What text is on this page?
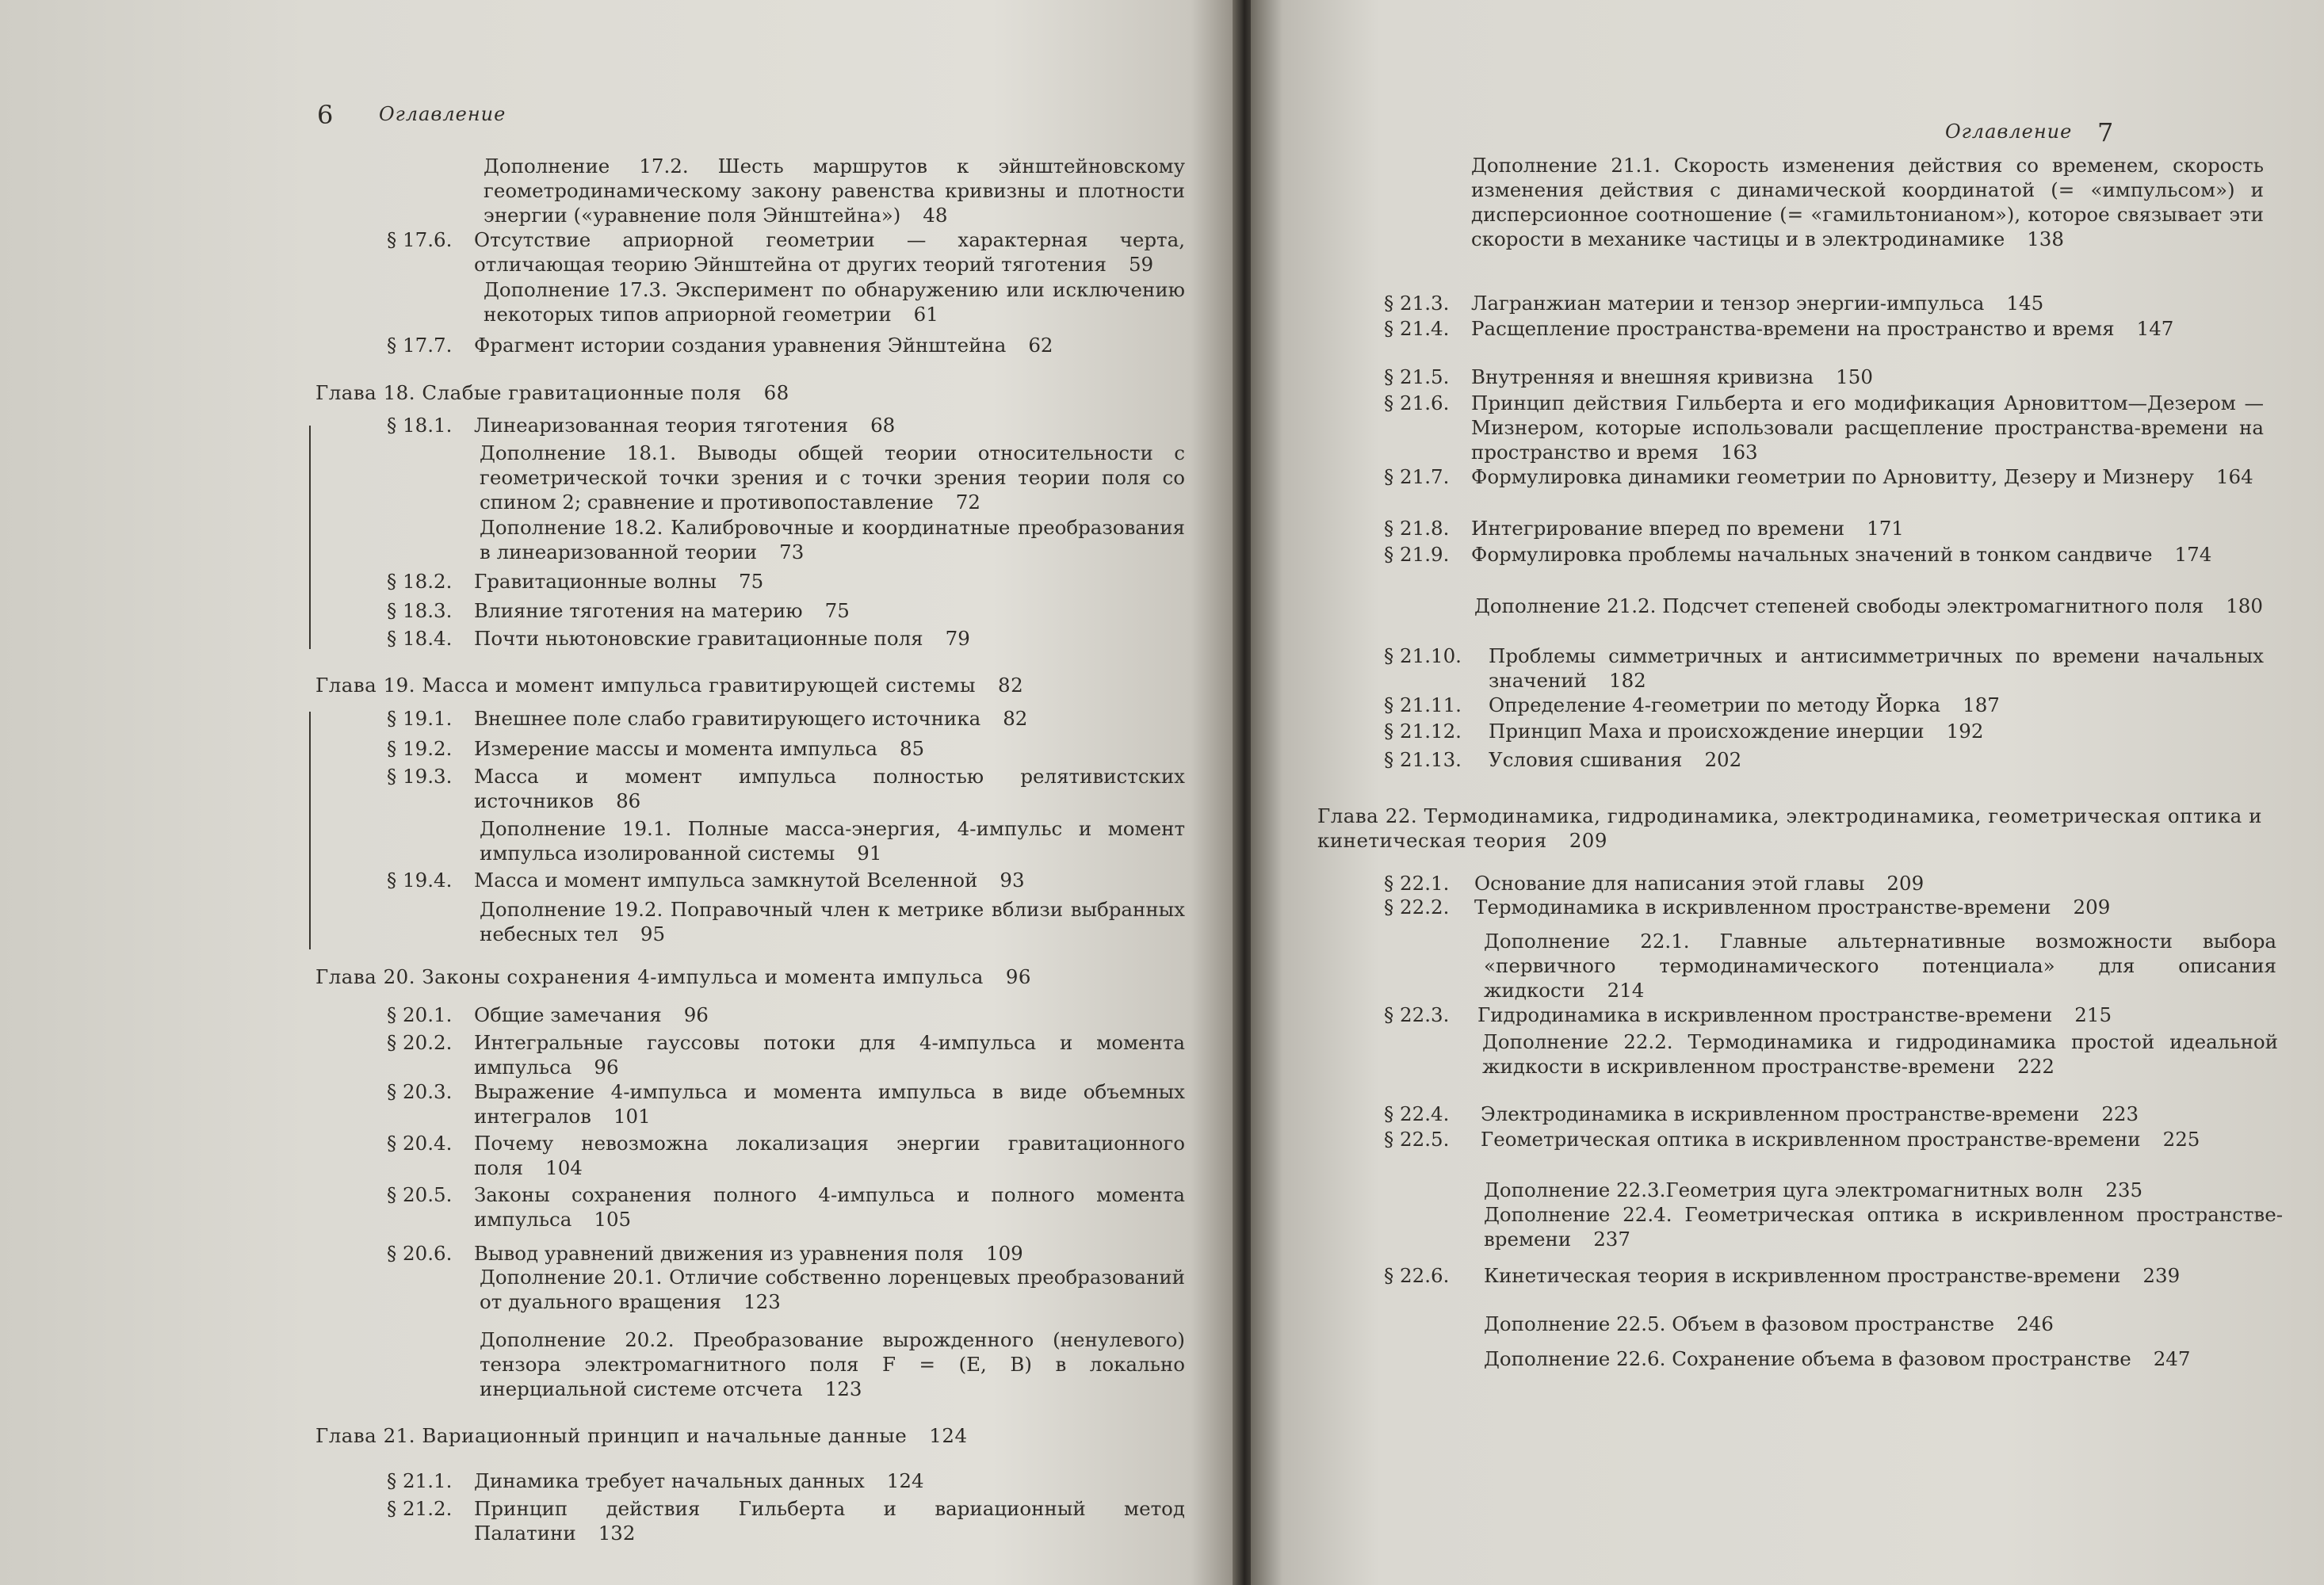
6 Оглавление
Дополнение 17.2. Шесть маршрутов к эйнштейновскому геометродинамическому закону равенства кривизны и плотности энергии («уравнение поля Эйнштейна») 48
§ 17.6. Отсутствие априорной геометрии — характерная черта, отличающая теорию Эйнштейна от других теорий тяготения 59
Дополнение 17.3. Эксперимент по обнаружению или исключению некоторых типов априорной геометрии 61
§ 17.7. Фрагмент истории создания уравнения Эйнштейна 62
Глава 18. Слабые гравитационные поля 68
§ 18.1. Линеаризованная теория тяготения 68
Дополнение 18.1. Выводы общей теории относительности с геометрической точки зрения и с точки зрения теории поля со спином 2; сравнение и противопоставление 72
Дополнение 18.2. Калибровочные и координатные преобразования в линеаризованной теории 73
§ 18.2. Гравитационные волны 75
§ 18.3. Влияние тяготения на материю 75
§ 18.4. Почти ньютоновские гравитационные поля 79
Глава 19. Масса и момент импульса гравитирующей системы 82
§ 19.1. Внешнее поле слабо гравитирующего источника 82
§ 19.2. Измерение массы и момента импульса 85
§ 19.3. Масса и момент импульса полностью релятивистских источников 86
Дополнение 19.1. Полные масса-энергия, 4-импульс и момент импульса изолированной системы 91
§ 19.4. Масса и момент импульса замкнутой Вселенной 93
Дополнение 19.2. Поправочный член к метрике вблизи выбранных небесных тел 95
Глава 20. Законы сохранения 4-импульса и момента импульса 96
§ 20.1. Общие замечания 96
§ 20.2. Интегральные гауссовы потоки для 4-импульса и момента импульса 96
§ 20.3. Выражение 4-импульса и момента импульса в виде объемных интегралов 101
§ 20.4. Почему невозможна локализация энергии гравитационного поля 104
§ 20.5. Законы сохранения полного 4-импульса и полного момента импульса 105
§ 20.6. Вывод уравнений движения из уравнения поля 109
Дополнение 20.1. Отличие собственно лоренцевых преобразований от дуального вращения 123
Дополнение 20.2. Преобразование вырожденного (ненулевого) тензора электромагнитного поля F = (E, B) в локально инерциальной системе отсчета 123
Глава 21. Вариационный принцип и начальные данные 124
§ 21.1. Динамика требует начальных данных 124
§ 21.2. Принцип действия Гильберта и вариационный метод Палатини 132
Оглавление 7
Дополнение 21.1. Скорость изменения действия со временем, скорость изменения действия с динамической координатой (= «импульсом») и дисперсионное соотношение (= «гамильтонианом»), которое связывает эти скорости в механике частицы и в электродинамике 138
§ 21.3. Лагранжиан материи и тензор энергии-импульса 145
§ 21.4. Расщепление пространства-времени на пространство и время 147
§ 21.5. Внутренняя и внешняя кривизна 150
§ 21.6. Принцип действия Гильберта и его модификация Арновиттом—Дезером — Мизнером, которые использовали расщепление пространства-времени на пространство и время 163
§ 21.7. Формулировка динамики геометрии по Арновитту, Дезеру и Мизнеру 164
§ 21.8. Интегрирование вперед по времени 171
§ 21.9. Формулировка проблемы начальных значений в тонком сандвиче 174
Дополнение 21.2. Подсчет степеней свободы электромагнитного поля 180
§ 21.10. Проблемы симметричных и антисимметричных по времени начальных значений 182
§ 21.11. Определение 4-геометрии по методу Йорка 187
§ 21.12. Принцип Маха и происхождение инерции 192
§ 21.13. Условия сшивания 202
Глава 22. Термодинамика, гидродинамика, электродинамика, геометрическая оптика и кинетическая теория 209
§ 22.1. Основание для написания этой главы 209
§ 22.2. Термодинамика в искривленном пространстве-времени 209
Дополнение 22.1. Главные альтернативные возможности выбора «первичного термодинамического потенциала» для описания жидкости 214
§ 22.3. Гидродинамика в искривленном пространстве-времени 215
Дополнение 22.2. Термодинамика и гидродинамика простой идеальной жидкости в искривленном пространстве-времени 222
§ 22.4. Электродинамика в искривленном пространстве-времени 223
§ 22.5. Геометрическая оптика в искривленном пространстве-времени 225
Дополнение 22.3.Геометрия цуга электромагнитных волн 235
Дополнение 22.4. Геометрическая оптика в искривленном пространстве-времени 237
§ 22.6. Кинетическая теория в искривленном пространстве-времени 239
Дополнение 22.5. Объем в фазовом пространстве 246
Дополнение 22.6. Сохранение объема в фазовом пространстве 247
